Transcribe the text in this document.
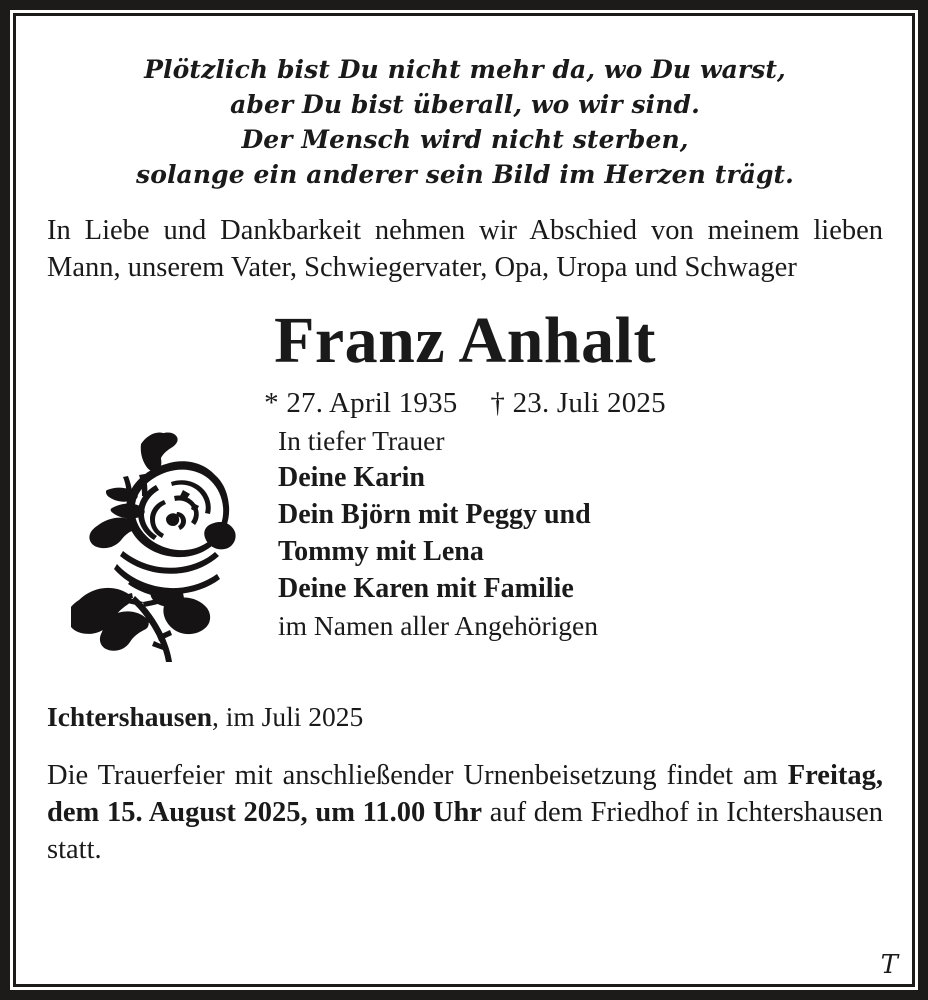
Plötzlich bist Du nicht mehr da, wo Du warst,
aber Du bist überall, wo wir sind.
Der Mensch wird nicht sterben,
solange ein anderer sein Bild im Herzen trägt.

In Liebe und Dankbarkeit nehmen wir Abschied von meinem lieben Mann, unserem Vater, Schwiegervater, Opa, Uropa und Schwager

Franz Anhalt

* 27. April 1935 † 23. Juli 2025

In tiefer Trauer
Deine Karin
Dein Björn mit Peggy und
Tommy mit Lena
Deine Karen mit Familie
im Namen aller Angehörigen

Ichtershausen, im Juli 2025

Die Trauerfeier mit anschließender Urnenbeisetzung findet am Freitag, dem 15. August 2025, um 11.00 Uhr auf dem Friedhof in Ichtershausen statt.

T
